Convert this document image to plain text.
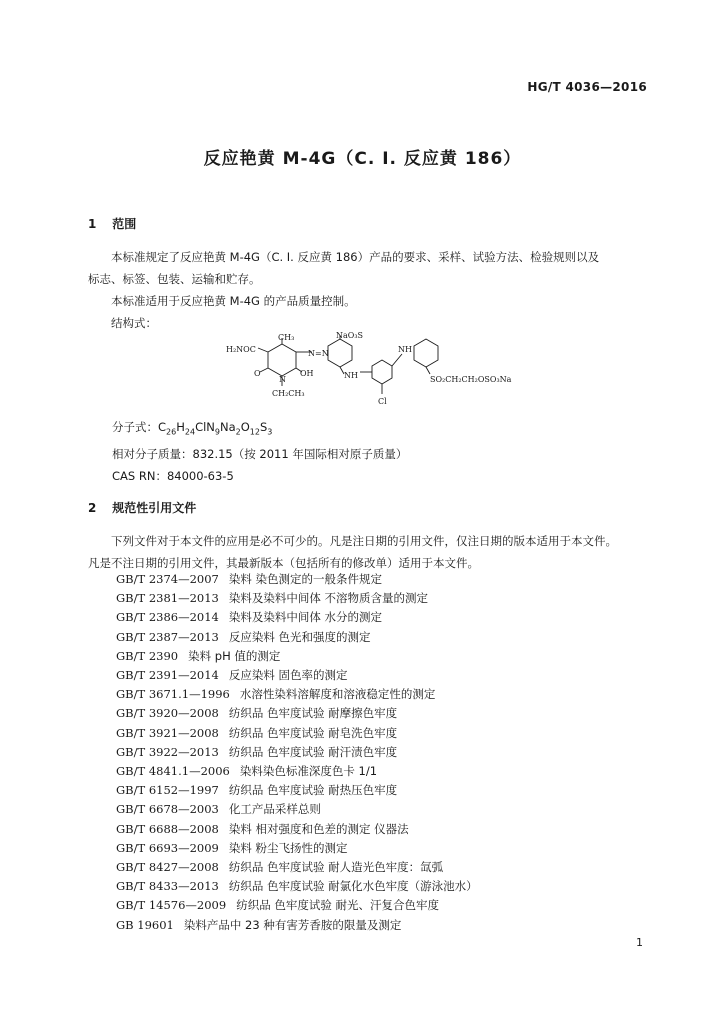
HG/T 4036—2016
反应艳黄 M-4G（C. I. 反应黄 186）
1 范围

本标准规定了反应艳黄 M-4G（C. I. 反应黄 186）产品的要求、采样、试验方法、检验规则以及

标志、标签、包装、运输和贮存。

本标准适用于反应艳黄 M-4G 的产品质量控制。

结构式：

CH₃	NaO₃S
H₂NOC	N=N
NH
NH
O
N
OH
CH₂CH₃
SO₂CH₂CH₂OSO₃Na
Cl
分子式：$C_{26}H_{24}ClN_9Na_2O_{12}S_3$
相对分子质量：832.15（按 2011 年国际相对原子质量）
CAS RN：84000-63-5
2 规范性引用文件

下列文件对于本文件的应用是必不可少的。凡是注日期的引用文件，仅注日期的版本适用于本文件。

凡是不注日期的引用文件，其最新版本（包括所有的修改单）适用于本文件。

GB/T 2374—2007 染料 染色测定的一般条件规定
GB/T 2381—2013 染料及染料中间体 不溶物质含量的测定
GB/T 2386—2014 染料及染料中间体 水分的测定
GB/T 2387—2013 反应染料 色光和强度的测定
GB/T 2390 染料 pH 值的测定
GB/T 2391—2014 反应染料 固色率的测定
GB/T 3671.1—1996 水溶性染料溶解度和溶液稳定性的测定
GB/T 3920—2008 纺织品 色牢度试验 耐摩擦色牢度
GB/T 3921—2008 纺织品 色牢度试验 耐皂洗色牢度
GB/T 3922—2013 纺织品 色牢度试验 耐汗渍色牢度
GB/T 4841.1—2006 染料染色标准深度色卡 1/1
GB/T 6152—1997 纺织品 色牢度试验 耐热压色牢度
GB/T 6678—2003 化工产品采样总则
GB/T 6688—2008 染料 相对强度和色差的测定 仪器法
GB/T 6693—2009 染料 粉尘飞扬性的测定
GB/T 8427—2008 纺织品 色牢度试验 耐人造光色牢度：氙弧
GB/T 8433—2013 纺织品 色牢度试验 耐氯化水色牢度（游泳池水）
GB/T 14576—2009 纺织品 色牢度试验 耐光、汗复合色牢度
GB 19601 染料产品中 23 种有害芳香胺的限量及测定
1
